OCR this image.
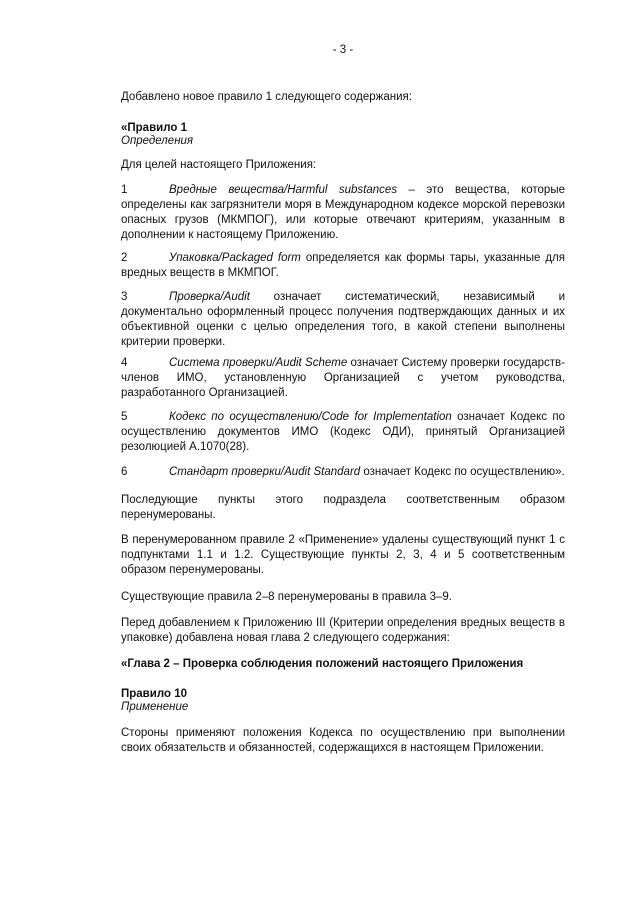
- 3 -

Добавлено новое правило 1 следующего содержания:

«Правило 1

Определения

Для целей настоящего Приложения:

1	Вредные вещества/Harmful substances – это вещества, которые определены как загрязнители моря в Международном кодексе морской перевозки опасных грузов (МКМПОГ), или которые отвечают критериям, указанным в дополнении к настоящему Приложению.

2	Упаковка/Packaged form определяется как формы тары, указанные для вредных веществ в МКМПОГ.

3	Проверка/Audit означает систематический, независимый и документально оформленный процесс получения подтверждающих данных и их объективной оценки с целью определения того, в какой степени выполнены критерии проверки.

4	Система проверки/Audit Scheme означает Систему проверки государств-членов ИМО, установленную Организацией с учетом руководства, разработанного Организацией.

5	Кодекс по осуществлению/Code for Implementation означает Кодекс по осуществлению документов ИМО (Кодекс ОДИ), принятый Организацией резолюцией А.1070(28).

6	Стандарт проверки/Audit Standard означает Кодекс по осуществлению».

Последующие пункты этого подраздела соответственным образом перенумерованы.

В перенумерованном правиле 2 «Применение» удалены существующий пункт 1 с подпунктами 1.1 и 1.2. Существующие пункты 2, 3, 4 и 5 соответственным образом перенумерованы.

Существующие правила 2–8 перенумерованы в правила 3–9.

Перед добавлением к Приложению III (Критерии определения вредных веществ в упаковке) добавлена новая глава 2 следующего содержания:

«Глава 2 – Проверка соблюдения положений настоящего Приложения

Правило 10

Применение

Стороны применяют положения Кодекса по осуществлению при выполнении своих обязательств и обязанностей, содержащихся в настоящем Приложении.
